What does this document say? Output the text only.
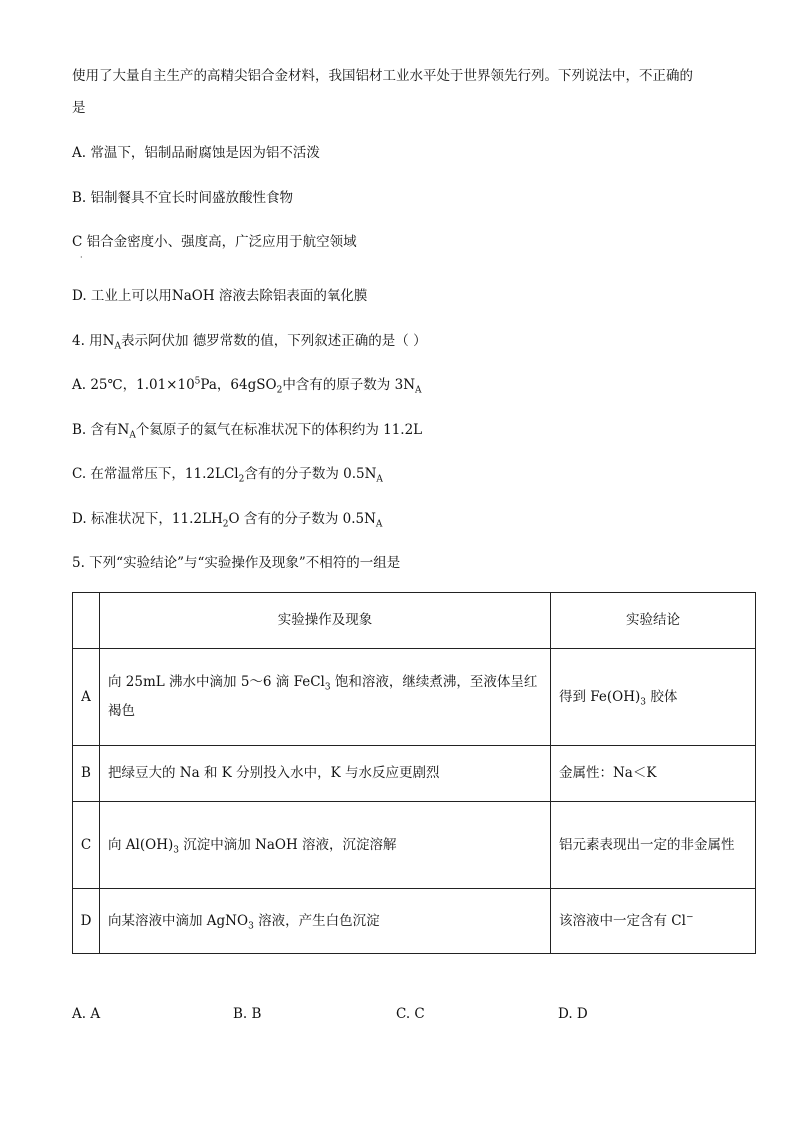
使用了大量自主生产的高精尖铝合金材料，我国铝材工业水平处于世界领先行列。下列说法中，不正确的
是
A. 常温下，铝制品耐腐蚀是因为铝不活泼
B. 铝制餐具不宜长时间盛放酸性食物
C 铝合金密度小、强度高，广泛应用于航空领域
·
D. 工业上可以用NaOH 溶液去除铝表面的氧化膜
4. 用$N_A$表示阿伏加 德罗常数的值，下列叙述正确的是（ ）
A. 25℃，$1.01\times 10^5Pa$，64gSO$_2$中含有的原子数为 $3N_A$
B. 含有$N_A$个氦原子的氦气在标准状况下的体积约为 11.2L
C. 在常温常压下，11.2LCl$_2$含有的分子数为 $0.5N_A$
D. 标准状况下，$11.2LH_2O$ 含有的分子数为 $0.5N_A$
5. 下列“实验结论”与“实验操作及现象”不相符的一组是
	实验操作及现象	实验结论
A	向 25mL 沸水中滴加 5～6 滴 FeCl$_3$ 饱和溶液，继续煮沸，至液体呈红褐色	得到 $Fe(OH)_3$ 胶体
B	把绿豆大的 Na 和 K 分别投入水中，K 与水反应更剧烈	金属性：Na＜K
C	向 $Al(OH)_3$ 沉淀中滴加 NaOH 溶液，沉淀溶解	铝元素表现出一定的非金属性
D	向某溶液中滴加 AgNO$_3$ 溶液，产生白色沉淀	该溶液中一定含有 Cl−
A. A	B. B	C. C	D. D
